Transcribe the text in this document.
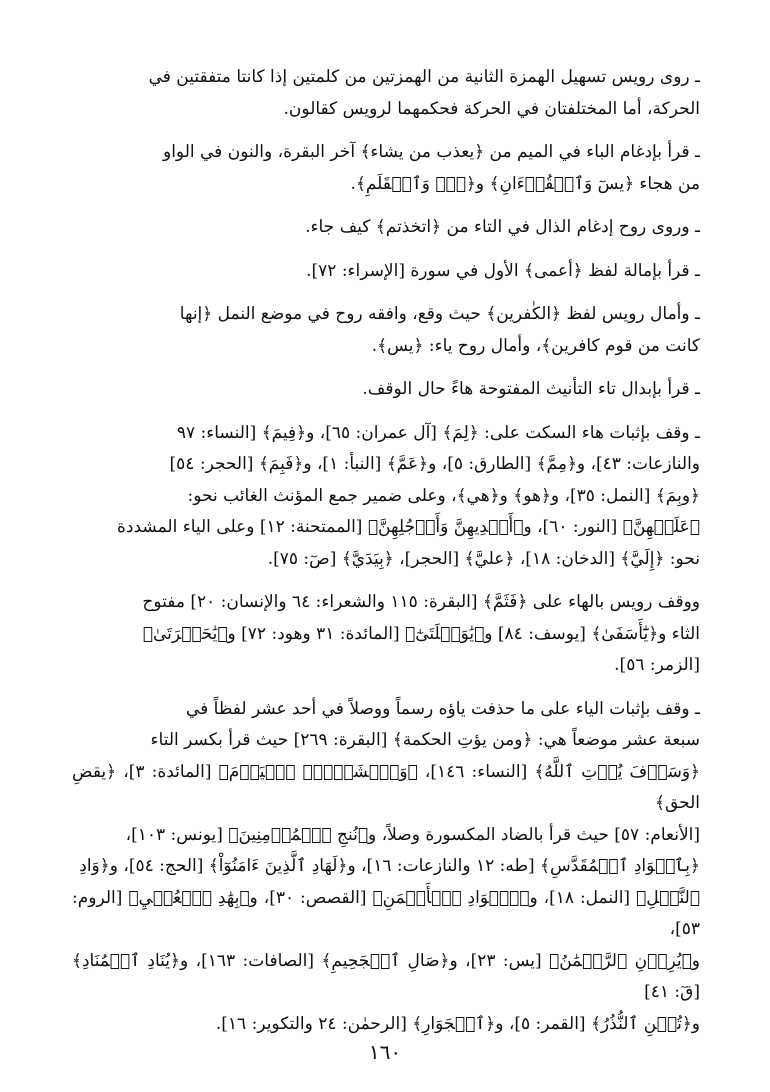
ـ روى رويس تسهيل الهمزة الثانية من الهمزتين من كلمتين إذا كانتا متفقتين في
الحركة، أما المختلفتان في الحركة فحكمهما لرويس كقالون.

ـ قرأ بإدغام الباء في الميم من ﴿يعذب من يشاء﴾ آخر البقرة، والنون في الواو
من هجاء ﴿يسٓ وَٱلۡقُرۡءَانِ﴾ و﴿نٓۚ وَٱلۡقَلَمِ﴾.

ـ وروى روح إدغام الذال في التاء من ﴿اتخذتم﴾ كيف جاء.

ـ قرأ بإمالة لفظ ﴿أعمى﴾ الأول في سورة [الإسراء: ٧٢].

ـ وأمال رويس لفظ ﴿الكٰفرين﴾ حيث وقع، وافقه روح في موضع النمل ﴿إنها
كانت من قوم كافرين﴾، وأمال روح ياء: ﴿يس﴾.

ـ قرأ بإبدال تاء التأنيث المفتوحة هاءً حال الوقف.

ـ وقف بإثبات هاء السكت على: ﴿لِمَ﴾ [آل عمران: ٦٥]، و﴿فِيمَ﴾ [النساء: ٩٧
والنازعات: ٤٣]، و﴿مِمَّ﴾ [الطارق: ٥]، و﴿عَمَّ﴾ [النبأ: ١]، و﴿فَبِمَ﴾ [الحجر: ٥٤]
﴿وبِمَ﴾ [النمل: ٣٥]، و﴿هو﴾ و﴿هي﴾، وعلى ضمير جمع المؤنث الغائب نحو:
﴿عَلَيۡهِنَّ﴾ [النور: ٦٠]، و﴿أَيۡدِيهِنَّ وَأَرۡجُلِهِنَّ﴾ [الممتحنة: ١٢] وعلى الياء المشددة
نحو: ﴿إِلَيَّ﴾ [الدخان: ١٨]، ﴿عليَّ﴾ [الحجر]، ﴿بِيَدَيَّ﴾ [صٓ: ٧٥].

ووقف رويس بالهاء على ﴿فَثَمَّ﴾ [البقرة: ١١٥ والشعراء: ٦٤ والإنسان: ٢٠] مفتوح
الثاء و﴿يَٰٓأَسَفَىٰ﴾ [يوسف: ٨٤] و﴿يَٰوَيۡلَتَىٰٓ﴾ [المائدة: ٣١ وهود: ٧٢] و﴿يَٰحَسۡرَتَىٰ﴾
[الزمر: ٥٦].

ـ وقف بإثبات الياء على ما حذفت ياؤه رسماً ووصلاً في أحد عشر لفظاً في
سبعة عشر موضعاً هي: ﴿ومن يؤتِ الحكمة﴾ [البقرة: ٢٦٩] حيث قرأ بكسر التاء
﴿وَسَوۡفَ يُؤۡتِ ٱللَّهُ﴾ [النساء: ١٤٦]، ﴿وَٱخۡشَوۡنِۚ ٱلۡيَوۡمَ﴾ [المائدة: ٣]، ﴿يقضِ الحق﴾
[الأنعام: ٥٧] حيث قرأ بالضاد المكسورة وصلاً، و﴿نُنجِ ٱلۡمُؤۡمِنِينَ﴾ [يونس: ١٠٣]،
﴿بِٱلۡوَادِ ٱلۡمُقَدَّسِ﴾ [طه: ١٢ والنازعات: ١٦]، و﴿لَهَادِ ٱلَّذِينَ ءَامَنُوٓاْ﴾ [الحج: ٥٤]، و﴿وَادِ
ٱلنَّمۡلِ﴾ [النمل: ١٨]، و﴿ٱلۡوَادِ ٱلۡأَيۡمَنِ﴾ [القصص: ٣٠]، و﴿بِهَٰدِ ٱلۡعُمۡيِ﴾ [الروم: ٥٣]،
و﴿يُرِدۡنِ ٱلرَّحۡمَٰنُ﴾ [يس: ٢٣]، و﴿صَالِ ٱلۡجَحِيمِ﴾ [الصافات: ١٦٣]، و﴿يُنَادِ ٱلۡمُنَادِ﴾ [قٓ: ٤١]
و﴿تُغۡنِ ٱلنُّذُرُ﴾ [القمر: ٥]، و﴿ٱلۡجَوَارِ﴾ [الرحمٰن: ٢٤ والتكوير: ١٦].

١٦٠
